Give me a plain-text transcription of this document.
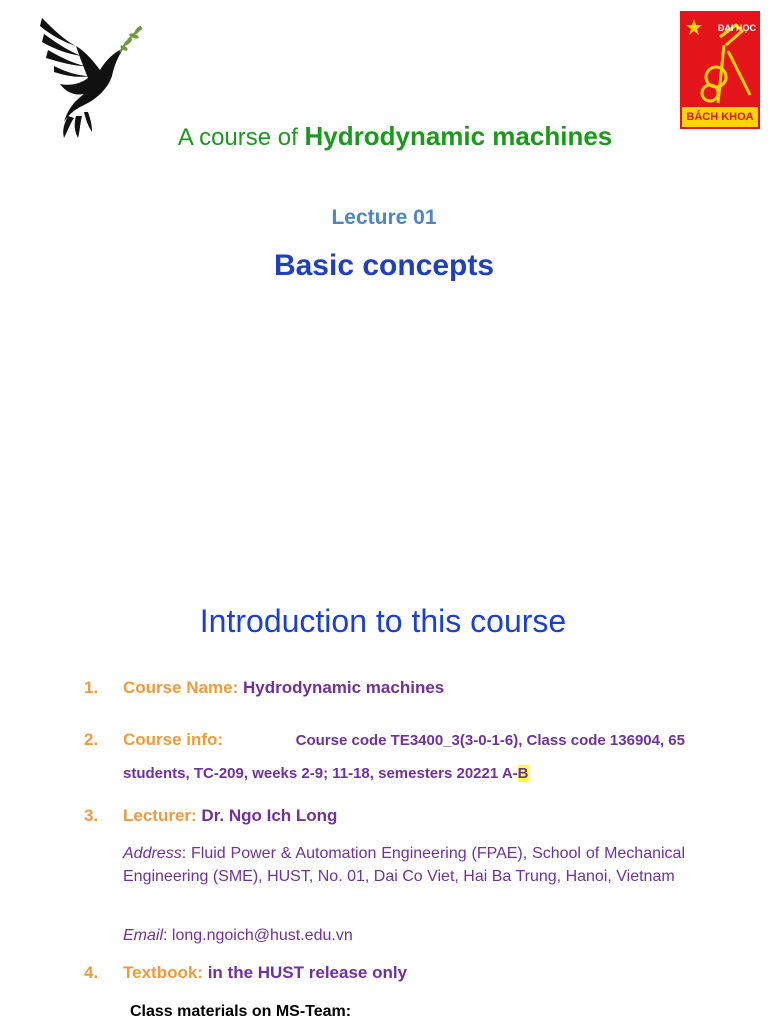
ĐẠI HỌC
BÁCH KHOA
A course of Hydrodynamic machines
Lecture 01
Basic concepts
Introduction to this course
1. Course Name: Hydrodynamic machines
2. Course info:	Course code TE3400_3(3-0-1-6), Class code 136904, 65
students, TC-209, weeks 2-9; 11-18, semesters 20221 A-B
3. Lecturer: Dr. Ngo Ich Long
Address: Fluid Power & Automation Engineering (FPAE), School of Mechanical Engineering (SME), HUST, No. 01, Dai Co Viet, Hai Ba Trung, Hanoi, Vietnam
Email: long.ngoich@hust.edu.vn
4. Textbook: in the HUST release only
Class materials on MS-Team:
